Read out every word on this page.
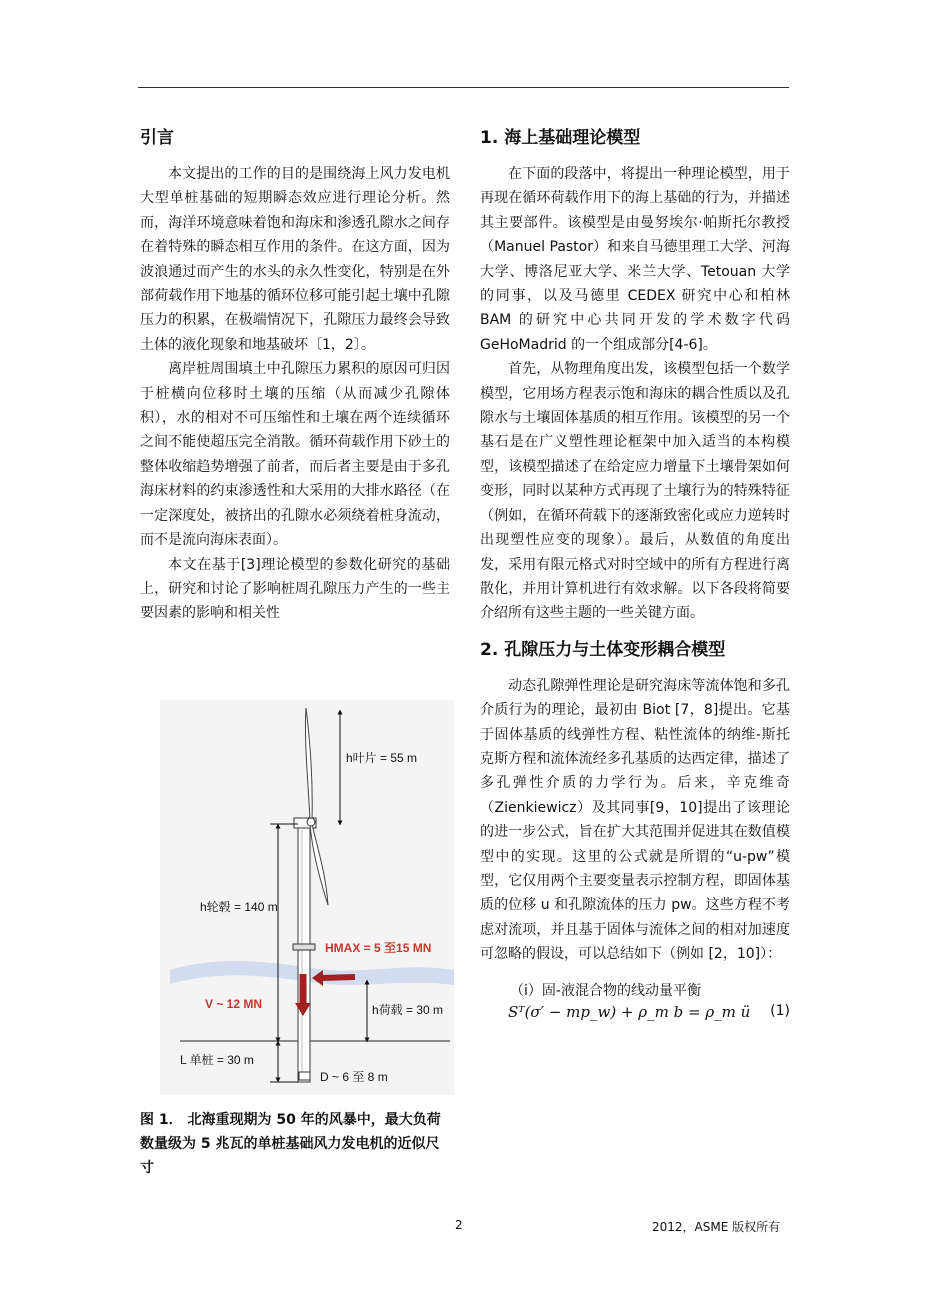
引言

本文提出的工作的目的是围绕海上风力发电机大型单桩基础的短期瞬态效应进行理论分析。然而，海洋环境意味着饱和海床和渗透孔隙水之间存在着特殊的瞬态相互作用的条件。在这方面，因为波浪通过而产生的水头的永久性变化，特别是在外部荷载作用下地基的循环位移可能引起土壤中孔隙压力的积累，在极端情况下，孔隙压力最终会导致土体的液化现象和地基破坏〔1，2〕。

离岸桩周围填土中孔隙压力累积的原因可归因于桩横向位移时土壤的压缩（从而减少孔隙体积），水的相对不可压缩性和土壤在两个连续循环之间不能使超压完全消散。循环荷载作用下砂土的整体收缩趋势增强了前者，而后者主要是由于多孔海床材料的约束渗透性和大采用的大排水路径（在一定深度处，被挤出的孔隙水必须绕着桩身流动，而不是流向海床表面）。

本文在基于[3]理论模型的参数化研究的基础上，研究和讨论了影响桩周孔隙压力产生的一些主要因素的影响和相关性

h叶片 = 55 m
h轮毂 = 140 m
HMAX = 5 至15 MN
V ~ 12 MN	h荷载 = 30 m
L 单桩 = 30 m
D ~ 6 至 8 m
图 1． 北海重现期为 50 年的风暴中，最大负荷数量级为 5 兆瓦的单桩基础风力发电机的近似尺寸
1. 海上基础理论模型

在下面的段落中，将提出一种理论模型，用于再现在循环荷载作用下的海上基础的行为，并描述其主要部件。该模型是由曼努埃尔·帕斯托尔教授（Manuel Pastor）和来自马德里理工大学、河海大学、博洛尼亚大学、米兰大学、Tetouan 大学的同事，以及马德里 CEDEX 研究中心和柏林 BAM 的研究中心共同开发的学术数字代码 GeHoMadrid 的一个组成部分[4-6]。

首先，从物理角度出发，该模型包括一个数学模型，它用场方程表示饱和海床的耦合性质以及孔隙水与土壤固体基质的相互作用。该模型的另一个基石是在广义塑性理论框架中加入适当的本构模型，该模型描述了在给定应力增量下土壤骨架如何变形，同时以某种方式再现了土壤行为的特殊特征（例如，在循环荷载下的逐渐致密化或应力逆转时出现塑性应变的现象）。最后，从数值的角度出发，采用有限元格式对时空域中的所有方程进行离散化，并用计算机进行有效求解。以下各段将简要介绍所有这些主题的一些关键方面。

2. 孔隙压力与土体变形耦合模型

动态孔隙弹性理论是研究海床等流体饱和多孔介质行为的理论，最初由 Biot [7，8]提出。它基于固体基质的线弹性方程、粘性流体的纳维-斯托克斯方程和流体流经多孔基质的达西定律，描述了多孔弹性介质的力学行为。后来，辛克维奇（Zienkiewicz）及其同事[9，10]提出了该理论的进一步公式，旨在扩大其范围并促进其在数值模型中的实现。这里的公式就是所谓的“u-pw”模型，它仅用两个主要变量表示控制方程，即固体基质的位移 u 和孔隙流体的压力 pw。这些方程不考虑对流项，并且基于固体与流体之间的相对加速度可忽略的假设，可以总结如下（例如 [2，10]）：

（i）固-液混合物的线动量平衡
Sᵀ(σ′ − mp_w) + ρ_m b = ρ_m ü (1)
2	2012，ASME 版权所有
